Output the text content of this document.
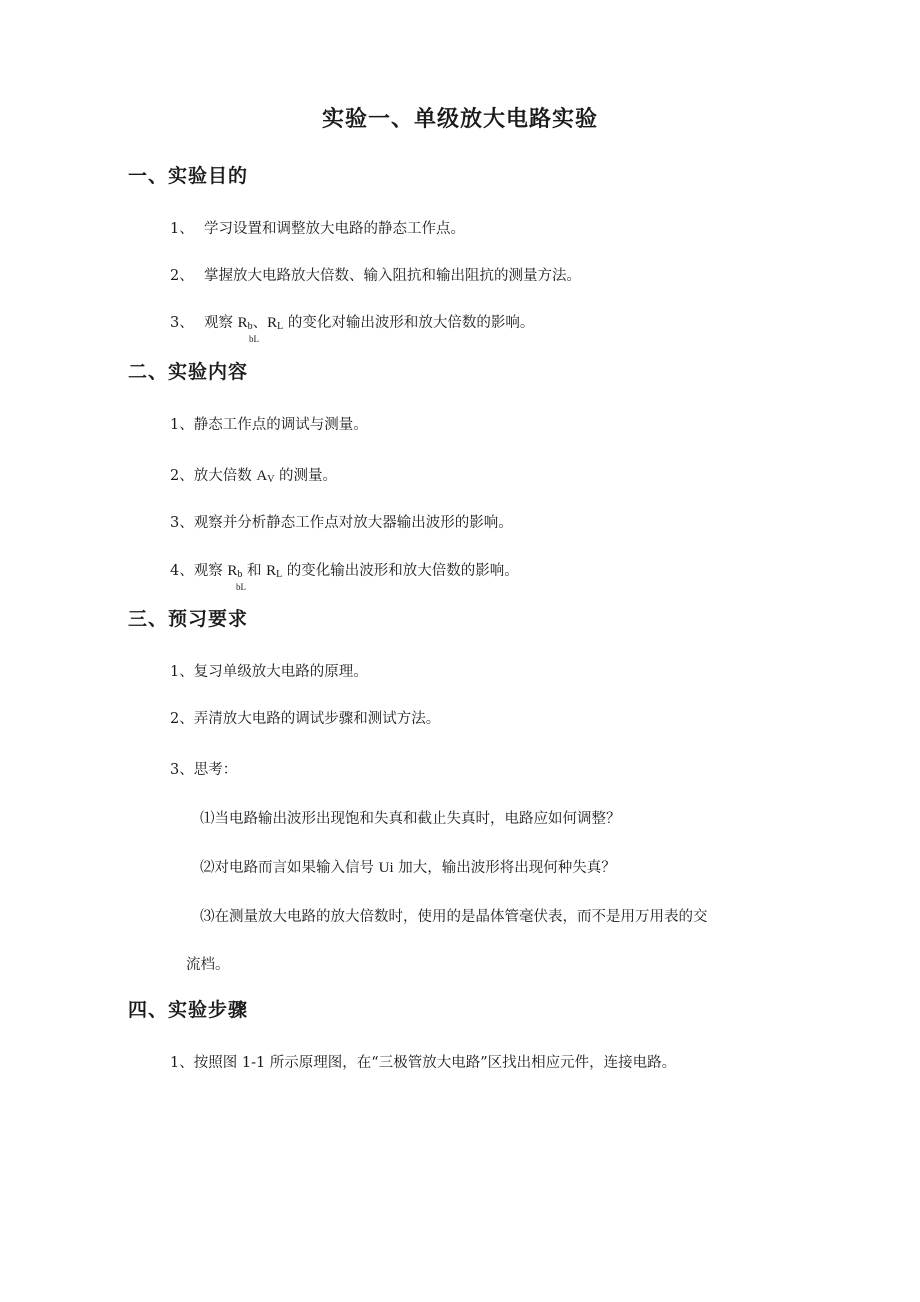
实验一、单级放大电路实验
一、实验目的

1、 学习设置和调整放大电路的静态工作点。

2、 掌握放大电路放大倍数、输入阻抗和输出阻抗的测量方法。

3、 观察 Rb、RL 的变化对输出波形和放大倍数的影响。

bL
二、实验内容

1、静态工作点的调试与测量。

2、放大倍数 AV 的测量。

3、观察并分析静态工作点对放大器输出波形的影响。

4、观察 Rb 和 RL 的变化输出波形和放大倍数的影响。

bL
三、预习要求

1、复习单级放大电路的原理。

2、弄清放大电路的调试步骤和测试方法。

3、思考：

⑴当电路输出波形出现饱和失真和截止失真时，电路应如何调整？

⑵对电路而言如果输入信号 Ui 加大，输出波形将出现何种失真？

⑶在测量放大电路的放大倍数时，使用的是晶体管毫伏表，而不是用万用表的交

流档。

四、实验步骤

1、按照图 1-1 所示原理图，在“三极管放大电路”区找出相应元件，连接电路。
